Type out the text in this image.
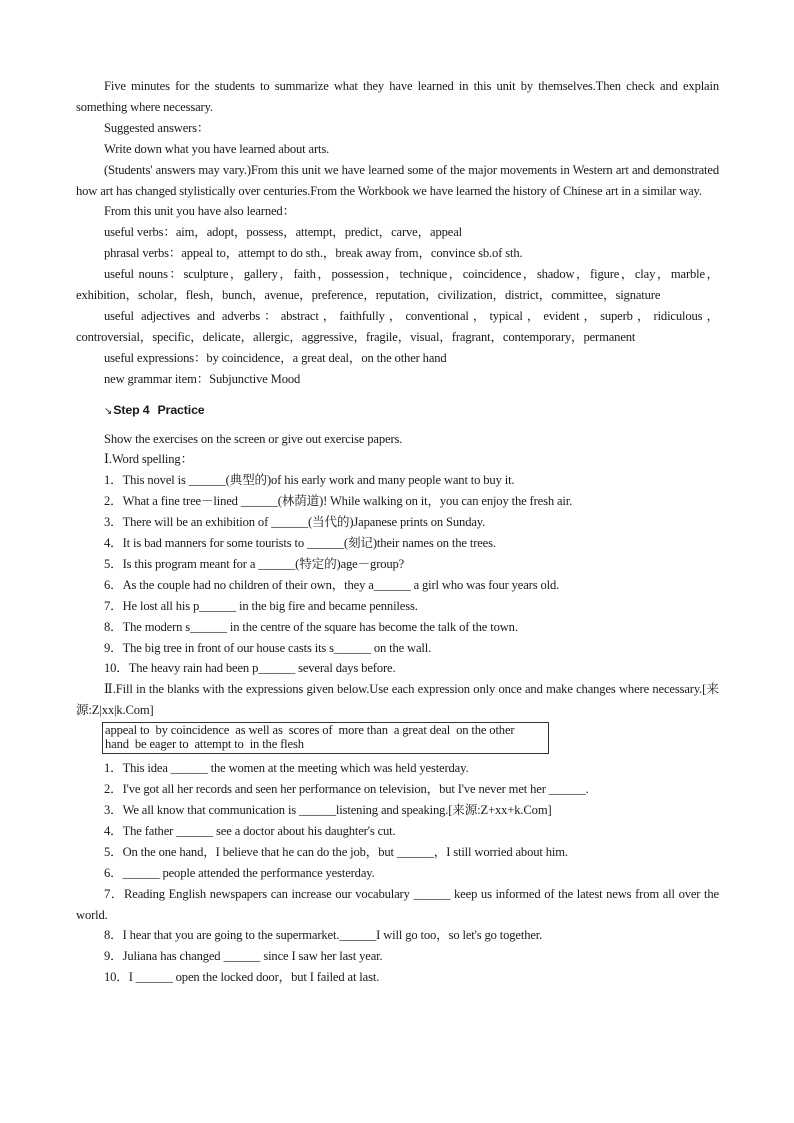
Five minutes for the students to summarize what they have learned in this unit by themselves.Then check and explain something where necessary.

Suggested answers：

Write down what you have learned about arts.

(Students' answers may vary.)From this unit we have learned some of the major movements in Western art and demonstrated how art has changed stylistically over centuries.From the Workbook we have learned the history of Chinese art in a similar way.

From this unit you have also learned：

useful verbs：aim，adopt，possess，attempt，predict，carve，appeal

phrasal verbs：appeal to，attempt to do sth.，break away from，convince sb.of sth.

useful nouns：sculpture，gallery，faith，possession，technique，coincidence，shadow，figure，clay，marble，exhibition，scholar，flesh，bunch，avenue，preference，reputation，civilization，district，committee，signature

useful adjectives and adverbs：abstract，faithfully，conventional，typical，evident，superb，ridiculous，controversial，specific，delicate，allergic，aggressive，fragile，visual，fragrant，contemporary，permanent

useful expressions：by coincidence，a great deal，on the other hand

new grammar item：Subjunctive Mood

↘Step 4 Practice

Show the exercises on the screen or give out exercise papers.

Ⅰ.Word spelling：

1．This novel is ______(典型的)of his early work and many people want to buy it.

2．What a fine tree－lined ______(林荫道)! While walking on it，you can enjoy the fresh air.

3．There will be an exhibition of ______(当代的)Japanese prints on Sunday.

4．It is bad manners for some tourists to ______(刻记)their names on the trees.

5．Is this program meant for a ______(特定的)age－group?

6．As the couple had no children of their own，they a______ a girl who was four years old.

7．He lost all his p______ in the big fire and became penniless.

8．The modern s______ in the centre of the square has become the talk of the town.

9．The big tree in front of our house casts its s______ on the wall.

10．The heavy rain had been p______ several days before.

Ⅱ.Fill in the blanks with the expressions given below.Use each expression only once and make changes where necessary.[来源:Z|xx|k.Com]

appeal to by coincidence as well as scores of more than a great deal on the other hand be eager to attempt to in the flesh

1．This idea ______ the women at the meeting which was held yesterday.

2．I've got all her records and seen her performance on television，but I've never met her ______.

3．We all know that communication is ______listening and speaking.[来源:Z+xx+k.Com]

4．The father ______ see a doctor about his daughter's cut.

5．On the one hand，I believe that he can do the job，but ______，I still worried about him.

6．______ people attended the performance yesterday.

7．Reading English newspapers can increase our vocabulary ______ keep us informed of the latest news from all over the world.

8．I hear that you are going to the supermarket.______I will go too，so let's go together.

9．Juliana has changed ______ since I saw her last year.

10．I ______ open the locked door，but I failed at last.
